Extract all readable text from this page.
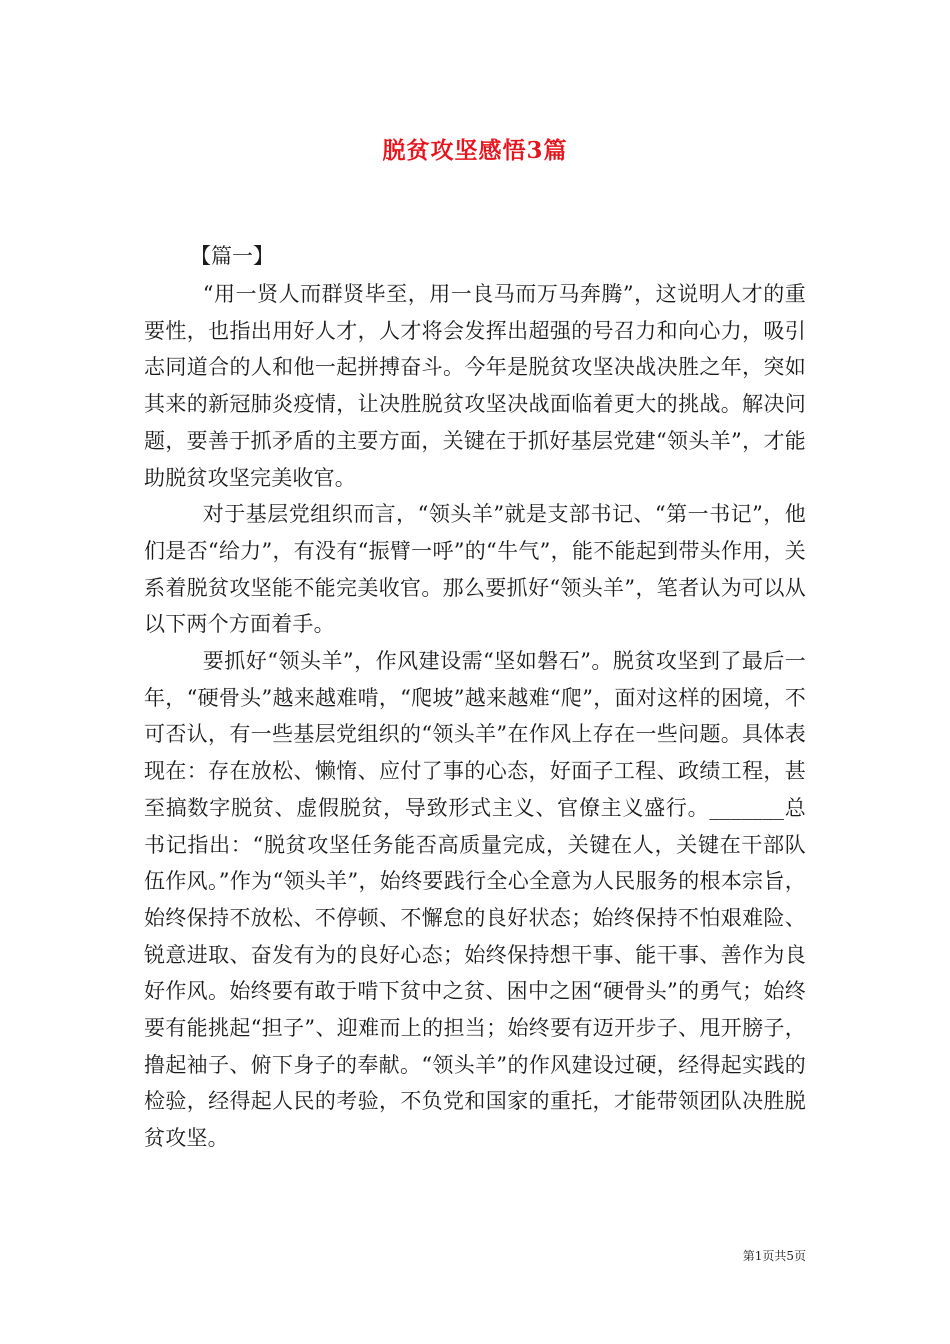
脱贫攻坚感悟3篇
【篇一】

“用一贤人而群贤毕至，用一良马而万马奔腾”，这说明人才的重要性，也指出用好人才，人才将会发挥出超强的号召力和向心力，吸引志同道合的人和他一起拼搏奋斗。今年是脱贫攻坚决战决胜之年，突如其来的新冠肺炎疫情，让决胜脱贫攻坚决战面临着更大的挑战。解决问题，要善于抓矛盾的主要方面，关键在于抓好基层党建“领头羊”，才能助脱贫攻坚完美收官。

对于基层党组织而言，“领头羊”就是支部书记、“第一书记”，他们是否“给力”，有没有“振臂一呼”的“牛气”，能不能起到带头作用，关系着脱贫攻坚能不能完美收官。那么要抓好“领头羊”，笔者认为可以从以下两个方面着手。

要抓好“领头羊”，作风建设需“坚如磐石”。脱贫攻坚到了最后一年，“硬骨头”越来越难啃，“爬坡”越来越难“爬”，面对这样的困境，不可否认，有一些基层党组织的“领头羊”在作风上存在一些问题。具体表现在：存在放松、懒惰、应付了事的心态，好面子工程、政绩工程，甚至搞数字脱贫、虚假脱贫，导致形式主义、官僚主义盛行。_______总书记指出：“脱贫攻坚任务能否高质量完成，关键在人，关键在干部队伍作风。”作为“领头羊”，始终要践行全心全意为人民服务的根本宗旨，始终保持不放松、不停顿、不懈怠的良好状态；始终保持不怕艰难险、锐意进取、奋发有为的良好心态；始终保持想干事、能干事、善作为良好作风。始终要有敢于啃下贫中之贫、困中之困“硬骨头”的勇气；始终要有能挑起“担子”、迎难而上的担当；始终要有迈开步子、甩开膀子，撸起袖子、俯下身子的奉献。“领头羊”的作风建设过硬，经得起实践的检验，经得起人民的考验，不负党和国家的重托，才能带领团队决胜脱贫攻坚。

第1页共5页
